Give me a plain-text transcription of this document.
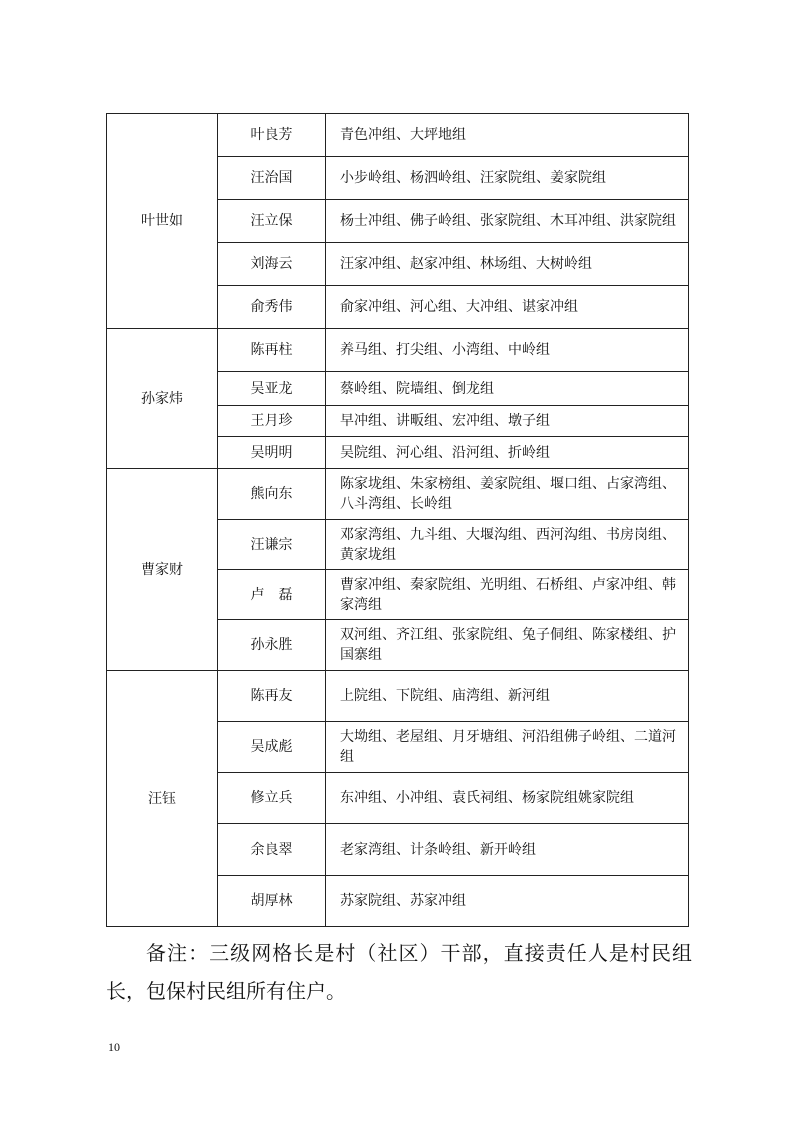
叶世如	叶良芳	青色冲组、大坪地组
	汪治国	小步岭组、杨泗岭组、汪家院组、姜家院组
	汪立保	杨士冲组、佛子岭组、张家院组、木耳冲组、洪家院组
	刘海云	汪家冲组、赵家冲组、林场组、大树岭组
	俞秀伟	俞家冲组、河心组、大冲组、谌家冲组
孙家炜	陈再柱	养马组、打尖组、小湾组、中岭组
	吴亚龙	蔡岭组、院墙组、倒龙组
	王月珍	早冲组、讲畈组、宏冲组、墩子组
	吴明明	吴院组、河心组、沿河组、折岭组
曹家财	熊向东	陈家垅组、朱家榜组、姜家院组、堰口组、占家湾组、八斗湾组、长岭组
	汪谦宗	邓家湾组、九斗组、大堰沟组、西河沟组、书房岗组、黄家垅组
	卢　磊	曹家冲组、秦家院组、光明组、石桥组、卢家冲组、韩家湾组
	孙永胜	双河组、齐江组、张家院组、兔子侗组、陈家楼组、护国寨组
汪钰	陈再友	上院组、下院组、庙湾组、新河组
	吴成彪	大坳组、老屋组、月牙塘组、河沿组佛子岭组、二道河组
	修立兵	东冲组、小冲组、袁氏祠组、杨家院组姚家院组
	余良翠	老家湾组、计条岭组、新开岭组
	胡厚林	苏家院组、苏家冲组

备注：三级网格长是村（社区）干部，直接责任人是村民组长，包保村民组所有住户。

10
